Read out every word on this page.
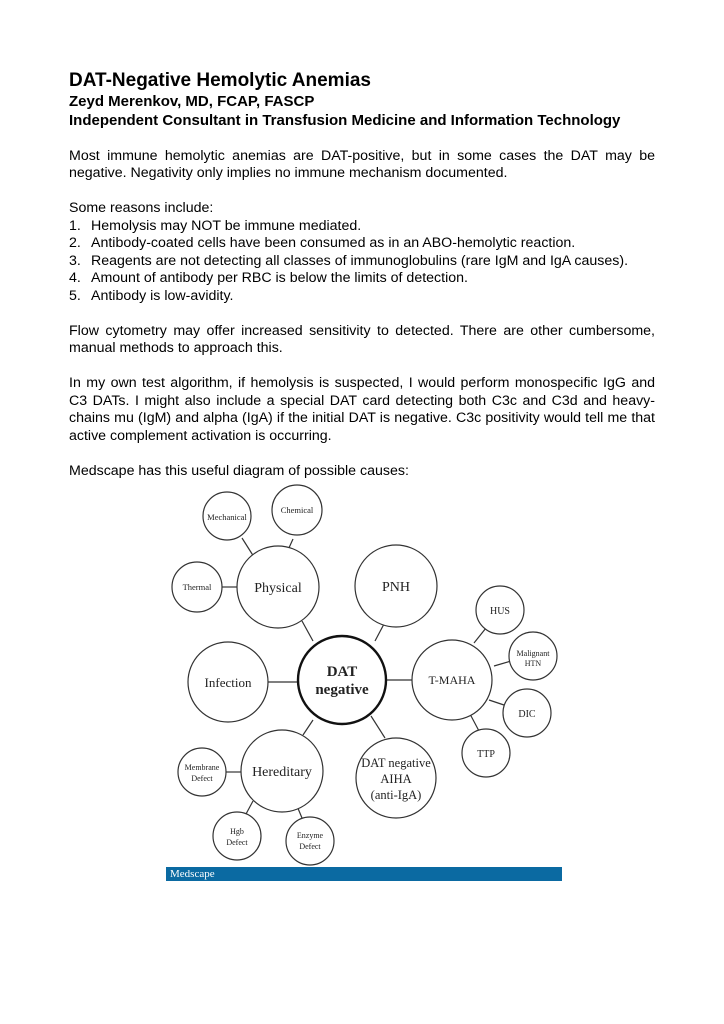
DAT-Negative Hemolytic Anemias

Zeyd Merenkov, MD, FCAP, FASCP

Independent Consultant in Transfusion Medicine and Information Technology

Most immune hemolytic anemias are DAT-positive, but in some cases the DAT may be negative. Negativity only implies no immune mechanism documented.

Some reasons include:

1. Hemolysis may NOT be immune mediated.
2. Antibody-coated cells have been consumed as in an ABO-hemolytic reaction.
3. Reagents are not detecting all classes of immunoglobulins (rare IgM and IgA causes).
4. Amount of antibody per RBC is below the limits of detection.
5. Antibody is low-avidity.

Flow cytometry may offer increased sensitivity to detected. There are other cumbersome, manual methods to approach this.

In my own test algorithm, if hemolysis is suspected, I would perform monospecific IgG and C3 DATs. I might also include a special DAT card detecting both C3c and C3d and heavy-chains mu (IgM) and alpha (IgA) if the initial DAT is negative. C3c positivity would tell me that active complement activation is occurring.

Medscape has this useful diagram of possible causes:

DAT
negative
Physical	PNH
Infection	T-MAHA
Hereditary
DAT negative
AIHA
(anti-IgA)
Mechanical
Chemical
Thermal
HUS
Malignant
HTN
DIC
TTP
Membrane
Defect
Hgb
Defect
Enzyme
Defect
Medscape
